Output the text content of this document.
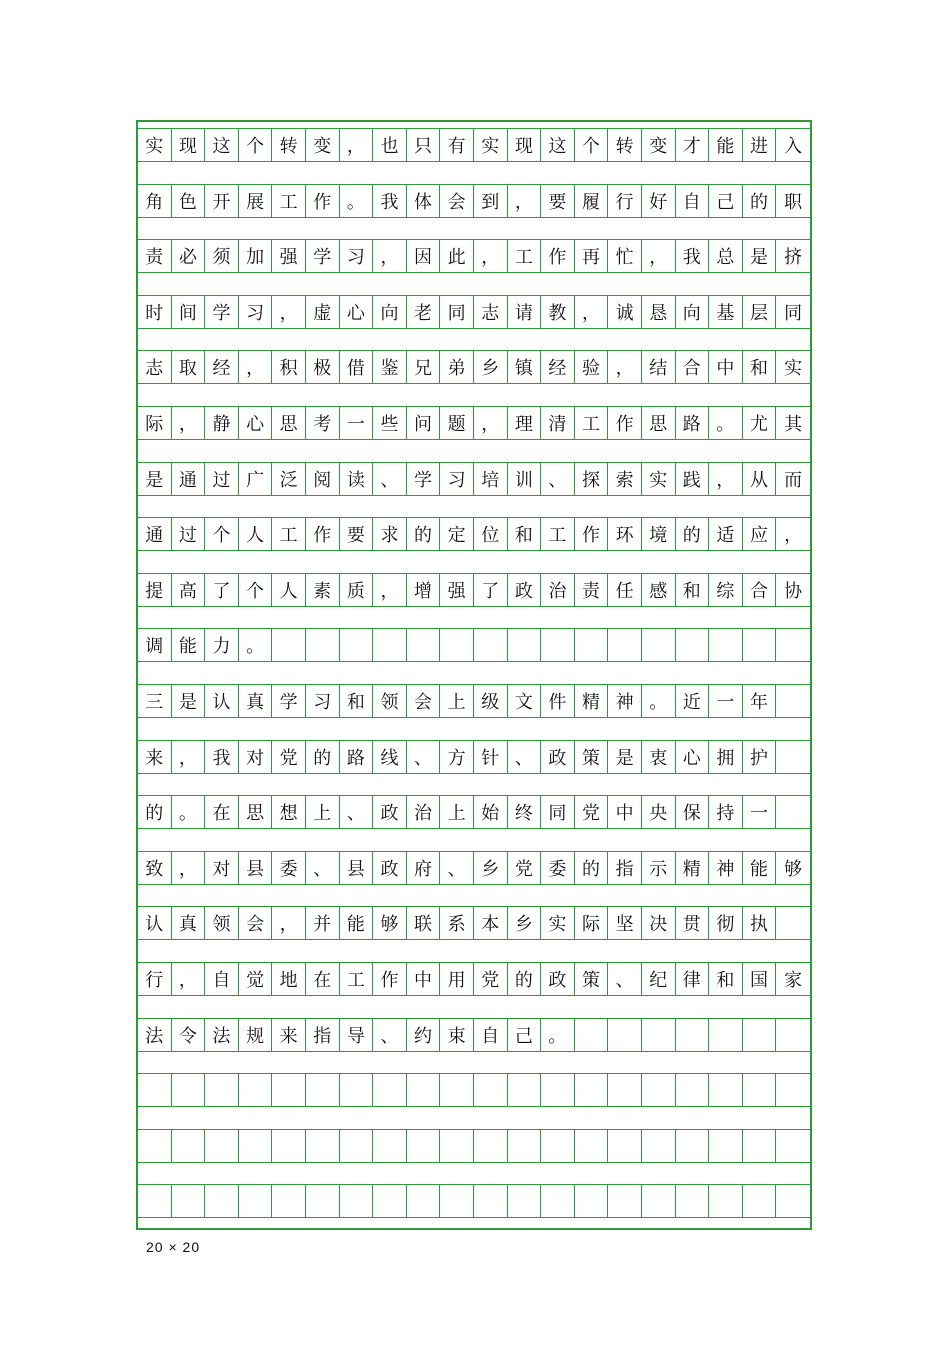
实 现 这 个 转 变 ， 也 只 有 实 现 这 个 转 变 才 能 进 入
角 色 开 展 工 作 。 我 体 会 到 ， 要 履 行 好 自 己 的 职
责 必 须 加 强 学 习 ， 因 此 ， 工 作 再 忙 ， 我 总 是 挤
时 间 学 习 ， 虚 心 向 老 同 志 请 教 ， 诚 恳 向 基 层 同
志 取 经 ， 积 极 借 鉴 兄 弟 乡 镇 经 验 ， 结 合 中 和 实
际 ， 静 心 思 考 一 些 问 题 ， 理 清 工 作 思 路 。 尤 其
是 通 过 广 泛 阅 读 、 学 习 培 训 、 探 索 实 践 ， 从 而
通 过 个 人 工 作 要 求 的 定 位 和 工 作 环 境 的 适 应 ，
提 高 了 个 人 素 质 ， 增 强 了 政 治 责 任 感 和 综 合 协
调 能 力 。
三 是 认 真 学 习 和 领 会 上 级 文 件 精 神 。 近 一 年
来 ， 我 对 党 的 路 线 、 方 针 、 政 策 是 衷 心 拥 护
的 。 在 思 想 上 、 政 治 上 始 终 同 党 中 央 保 持 一
致 ， 对 县 委 、 县 政 府 、 乡 党 委 的 指 示 精 神 能 够
认 真 领 会 ， 并 能 够 联 系 本 乡 实 际 坚 决 贯 彻 执
行 ， 自 觉 地 在 工 作 中 用 党 的 政 策 、 纪 律 和 国 家
法 令 法 规 来 指 导 、 约 束 自 己 。
20 × 20
